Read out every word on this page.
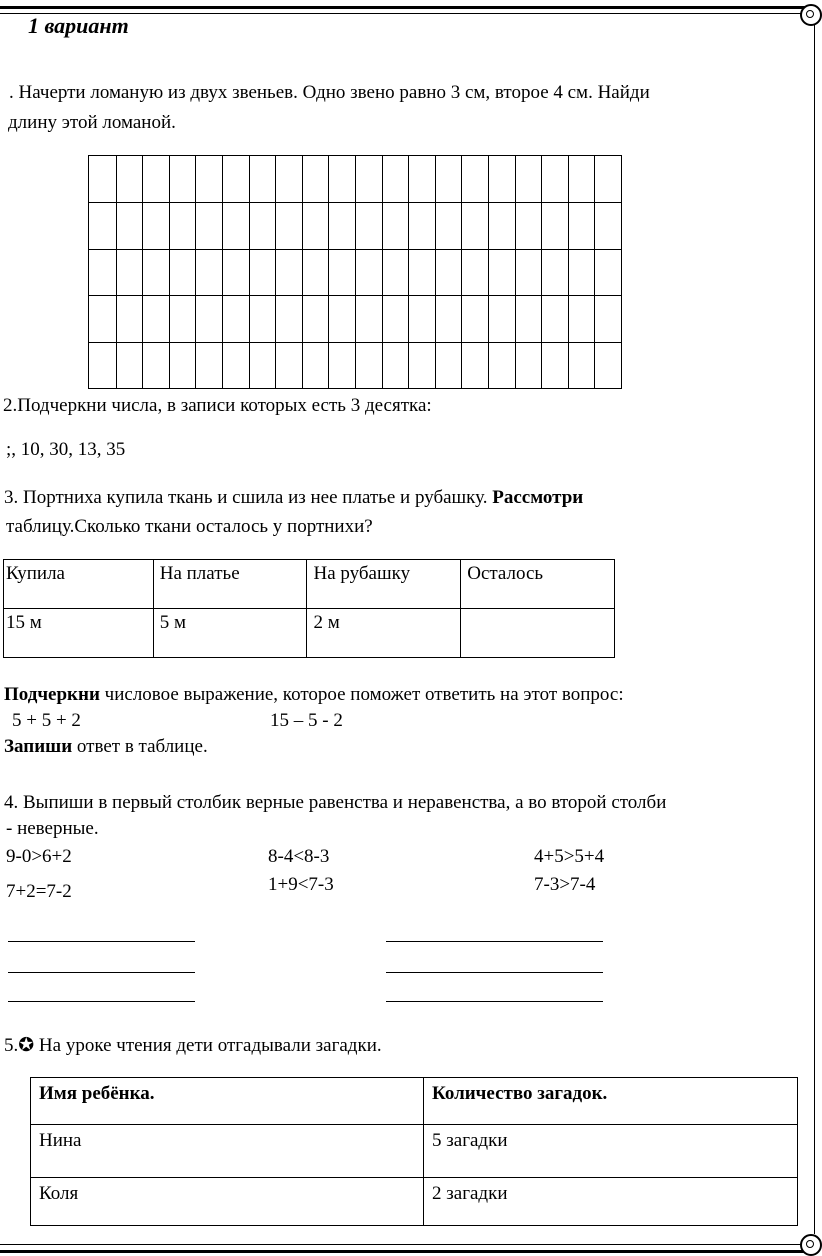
1 вариант
. Начерти ломаную из двух звеньев. Одно звено равно 3 см, второе 4 см. Найди
длину этой ломаной.
2.Подчеркни числа, в записи которых есть 3 десятка:
;, 10, 30, 13, 35
3. Портниха купила ткань и сшила из нее платье и рубашку. Рассмотри
таблицу.Сколько ткани осталось у портнихи?
Купила	На платье	На рубашку	Осталось
15 м	5 м	2 м	
Подчеркни числовое выражение, которое поможет ответить на этот вопрос:
5 + 5 + 2	15 – 5 - 2
Запиши ответ в таблице.
4. Выпиши в первый столбик верные равенства и неравенства, а во второй столби
- неверные.
9-0>6+2
7+2=7-2
8-4<8-3
1+9<7-3
4+5>5+4
7-3>7-4
5.✪ На уроке чтения дети отгадывали загадки.
Имя ребёнка.	Количество загадок.
Нина	5 загадки
Коля	2 загадки
